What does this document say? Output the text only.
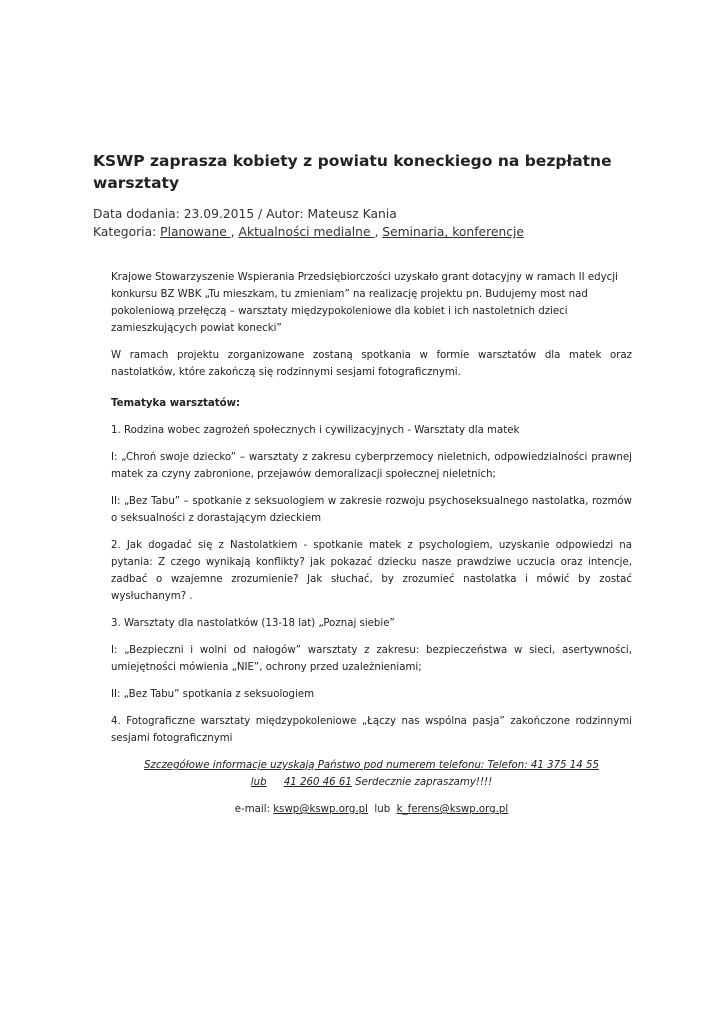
KSWP zaprasza kobiety z powiatu koneckiego na bezpłatne warsztaty
Data dodania: 23.09.2015 / Autor: Mateusz Kania
Kategoria: Planowane , Aktualności medialne , Seminaria, konferencje

Krajowe Stowarzyszenie Wspierania Przedsiębiorczości uzyskało grant dotacyjny w ramach II edycji konkursu BZ WBK „Tu mieszkam, tu zmieniam” na realizację projektu pn. Budujemy most nad pokoleniową przełęczą – warsztaty międzypokoleniowe dla kobiet i ich nastoletnich dzieci zamieszkujących powiat konecki”

W ramach projektu zorganizowane zostaną spotkania w formie warsztatów dla matek oraz nastolatków, które zakończą się rodzinnymi sesjami fotograficznymi.

Tematyka warsztatów:

1. Rodzina wobec zagrożeń społecznych i cywilizacyjnych - Warsztaty dla matek

I: „Chroń swoje dziecko” – warsztaty z zakresu cyberprzemocy nieletnich, odpowiedzialności prawnej matek za czyny zabronione, przejawów demoralizacji społecznej nieletnich;

II: „Bez Tabu” – spotkanie z seksuologiem w zakresie rozwoju psychoseksualnego nastolatka, rozmów o seksualności z dorastającym dzieckiem

2. Jak dogadać się z Nastolatkiem - spotkanie matek z psychologiem, uzyskanie odpowiedzi na pytania: Z czego wynikają konflikty? jak pokazać dziecku nasze prawdziwe uczucia oraz intencje, zadbać o wzajemne zrozumienie? Jak słuchać, by zrozumieć nastolatka i mówić by zostać wysłuchanym? .

3. Warsztaty dla nastolatków (13-18 lat) „Poznaj siebie”

I: „Bezpieczni i wolni od nałogów” warsztaty z zakresu: bezpieczeństwa w sieci, asertywności, umiejętności mówienia „NIE”, ochrony przed uzależnieniami;

II: „Bez Tabu” spotkania z seksuologiem

4. Fotograficzne warsztaty międzypokoleniowe „Łączy nas wspólna pasja” zakończone rodzinnymi sesjami fotograficznymi

Szczegółowe informacje uzyskają Państwo pod numerem telefonu: Telefon: 41 375 14 55
lub 41 260 46 61 Serdecznie zapraszamy!!!!

e-mail: kswp@kswp.org.pl  lub  k_ferens@kswp.org.pl
